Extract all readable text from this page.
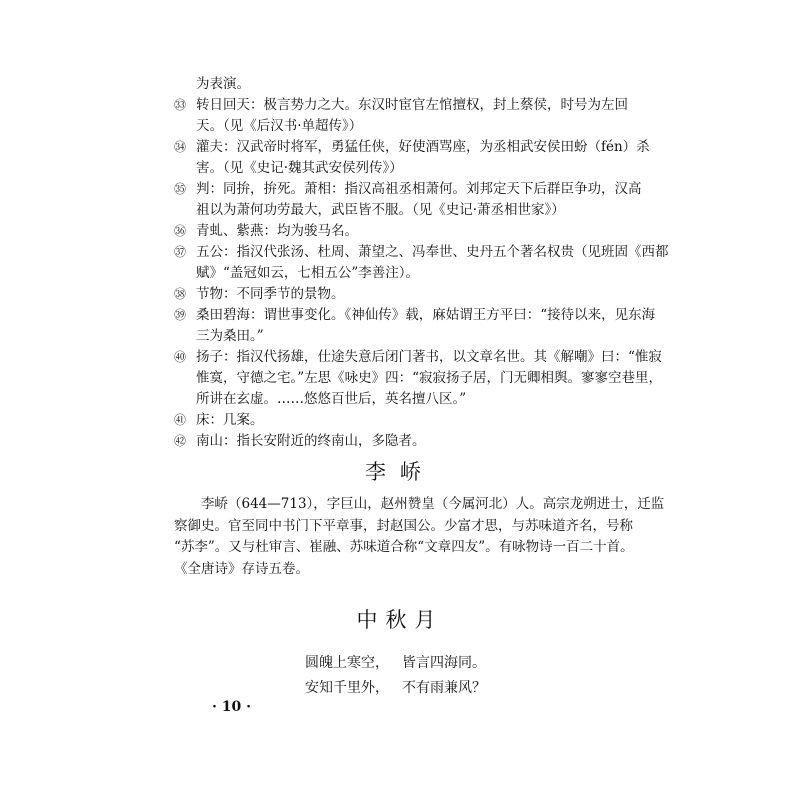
为表演。
㉝ 转日回天：极言势力之大。东汉时宦官左悺擅权，封上蔡侯，时号为左回
天。（见《后汉书·单超传》）
㉞ 灌夫：汉武帝时将军，勇猛任侠，好使酒骂座，为丞相武安侯田蚡（fén）杀
害。（见《史记·魏其武安侯列传》）
㉟ 判：同拚，拚死。萧相：指汉高祖丞相萧何。刘邦定天下后群臣争功，汉高
祖以为萧何功劳最大，武臣皆不服。（见《史记·萧丞相世家》）
㊱ 青虬、紫燕：均为骏马名。
㊲ 五公：指汉代张汤、杜周、萧望之、冯奉世、史丹五个著名权贵（见班固《西都
赋》“盖冠如云，七相五公”李善注）。
㊳ 节物：不同季节的景物。
㊴ 桑田碧海：谓世事变化。《神仙传》载，麻姑谓王方平曰：“接待以来，见东海
三为桑田。”
㊵ 扬子：指汉代扬雄，仕途失意后闭门著书，以文章名世。其《解嘲》曰：“惟寂
惟寞，守德之宅。”左思《咏史》四：“寂寂扬子居，门无卿相舆。寥寥空巷里，
所讲在玄虚。……悠悠百世后，英名擅八区。”
㊶ 床：几案。
㊷ 南山：指长安附近的终南山，多隐者。
李峤
李峤（644—713），字巨山，赵州赞皇（今属河北）人。高宗龙朔进士，迁监
察御史。官至同中书门下平章事，封赵国公。少富才思，与苏味道齐名，号称
“苏李”。又与杜审言、崔融、苏味道合称“文章四友”。有咏物诗一百二十首。
《全唐诗》存诗五卷。
中秋月
圆魄上寒空， 皆言四海同。
安知千里外， 不有雨兼风？
· 10 ·
